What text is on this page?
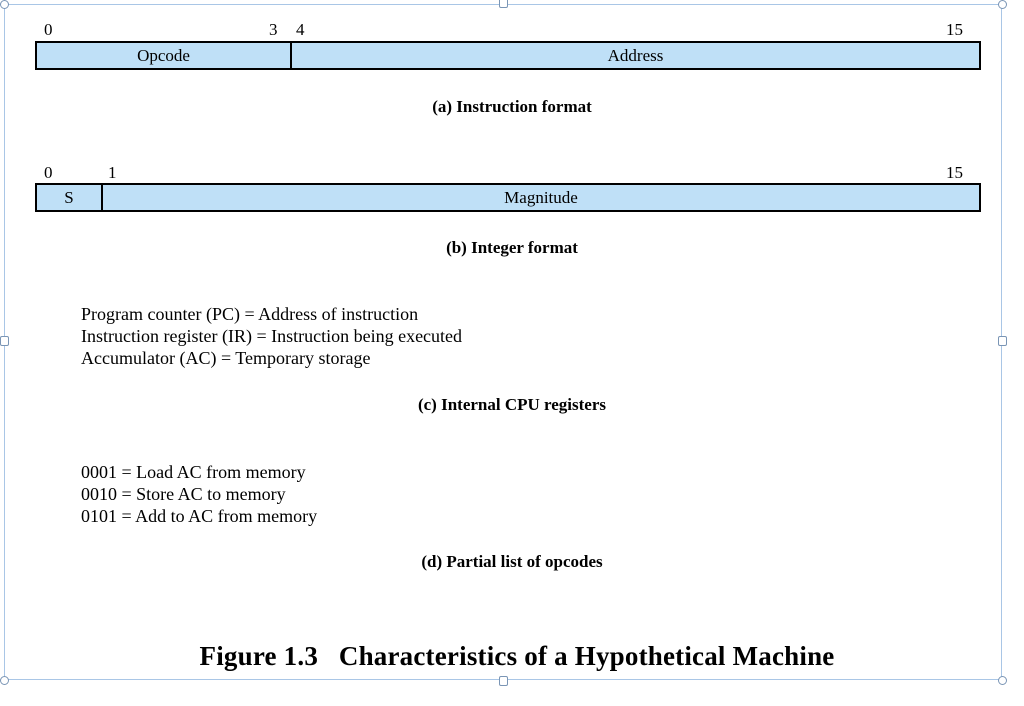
0	3 4	15
Opcode	Address
(a) Instruction format
0	1	15
S	Magnitude
(b) Integer format
Program counter (PC) = Address of instruction
Instruction register (IR) = Instruction being executed
Accumulator (AC) = Temporary storage
(c) Internal CPU registers
0001 = Load AC from memory
0010 = Store AC to memory
0101 = Add to AC from memory
(d) Partial list of opcodes
Figure 1.3   Characteristics of a Hypothetical Machine
